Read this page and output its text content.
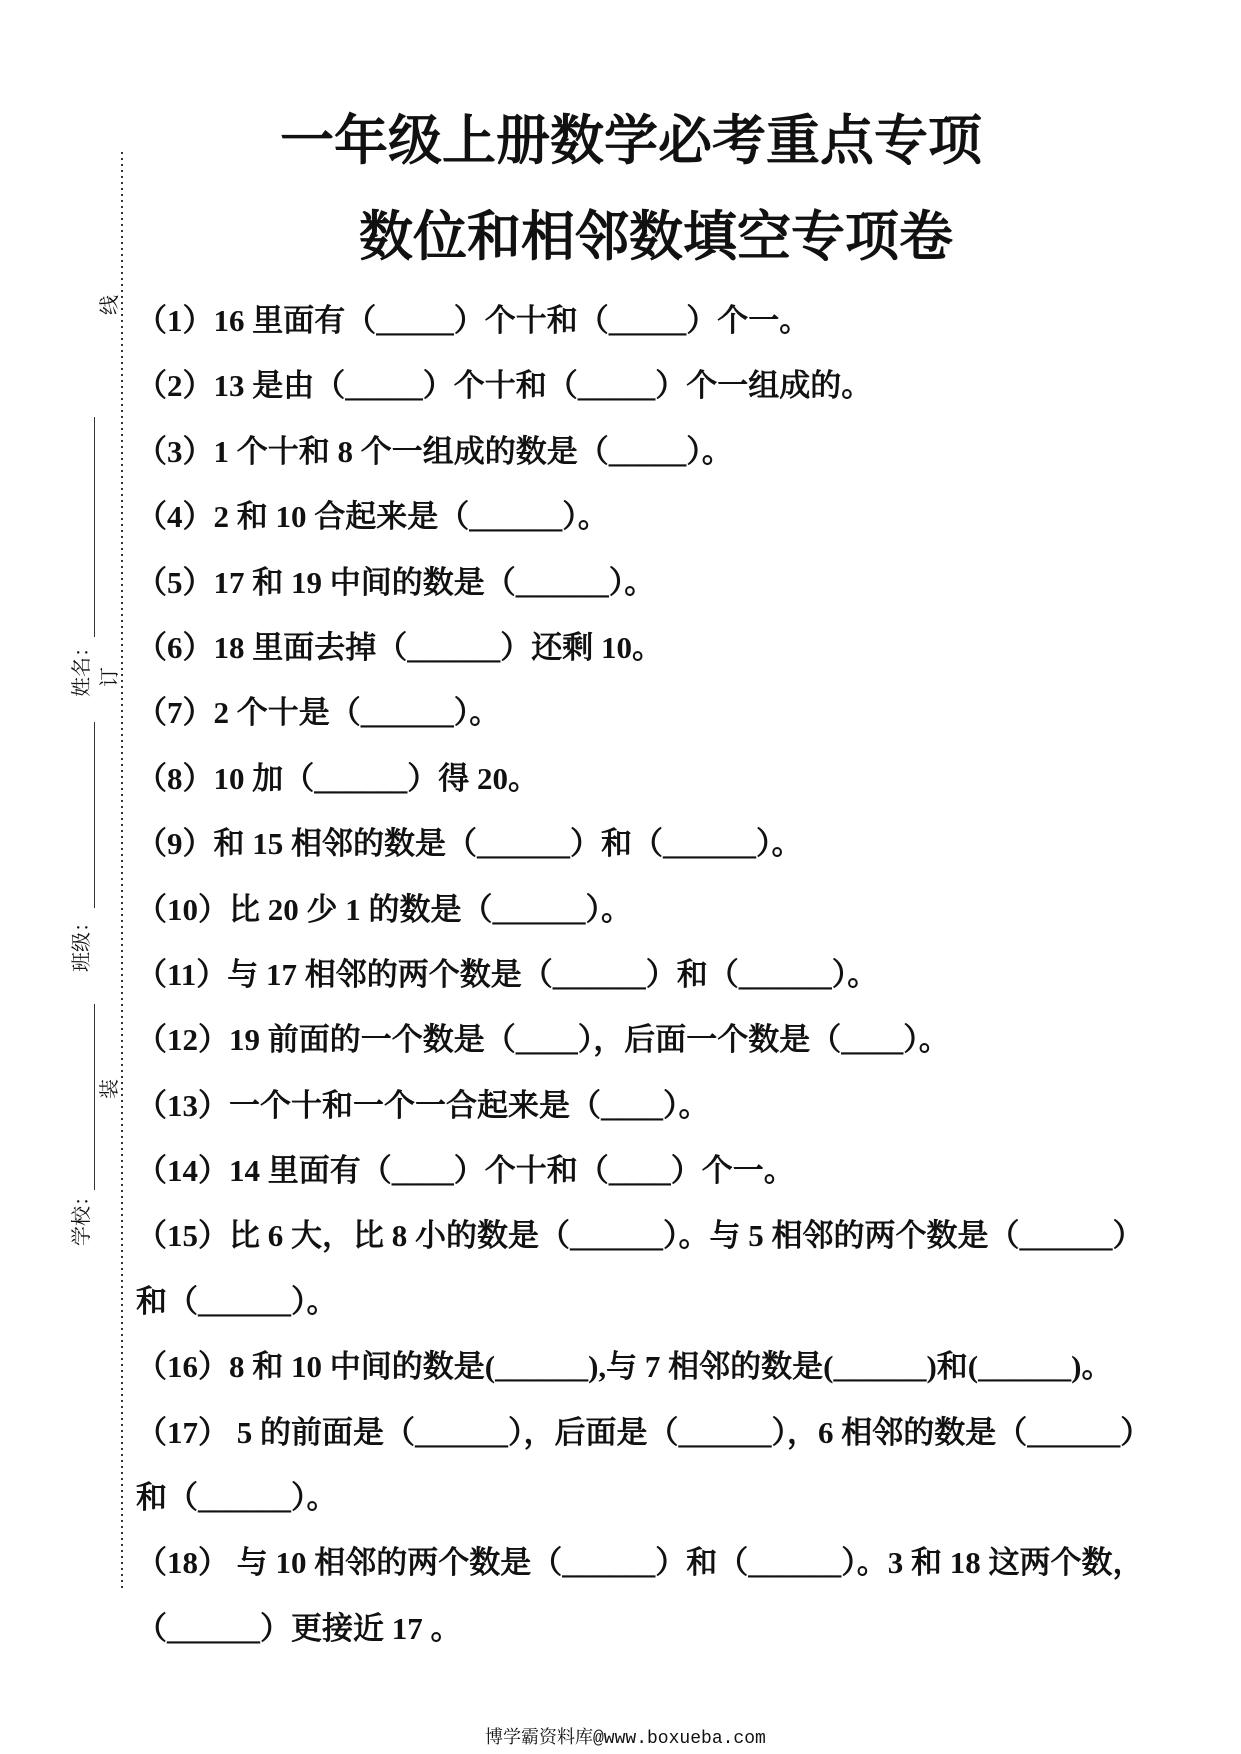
线
订
装
姓名：
班级：
学校：
一年级上册数学必考重点专项
数位和相邻数填空专项卷
（1）16 里面有（_____）个十和（_____）个一。
（2）13 是由（_____）个十和（_____）个一组成的。
（3）1 个十和 8 个一组成的数是（_____）。
（4）2 和 10 合起来是（______）。
（5）17 和 19 中间的数是（______）。
（6）18 里面去掉（______）还剩 10。
（7）2 个十是（______）。
（8）10 加（______）得 20。
（9）和 15 相邻的数是（______）和（______）。
（10）比 20 少 1 的数是（______）。
（11）与 17 相邻的两个数是（______）和（______）。
（12）19 前面的一个数是（____），后面一个数是（____）。
（13）一个十和一个一合起来是（____）。
（14）14 里面有（____）个十和（____）个一。
（15）比 6 大，比 8 小的数是（______）。与 5 相邻的两个数是（______）
和（______）。
（16）8 和 10 中间的数是(______),与 7 相邻的数是(______)和(______)。
（17） 5 的前面是（______），后面是（______），6 相邻的数是（______）
和（______）。
（18） 与 10 相邻的两个数是（______）和（______）。3 和 18 这两个数，
（______）更接近 17 。
博学霸资料库@www.boxueba.com
